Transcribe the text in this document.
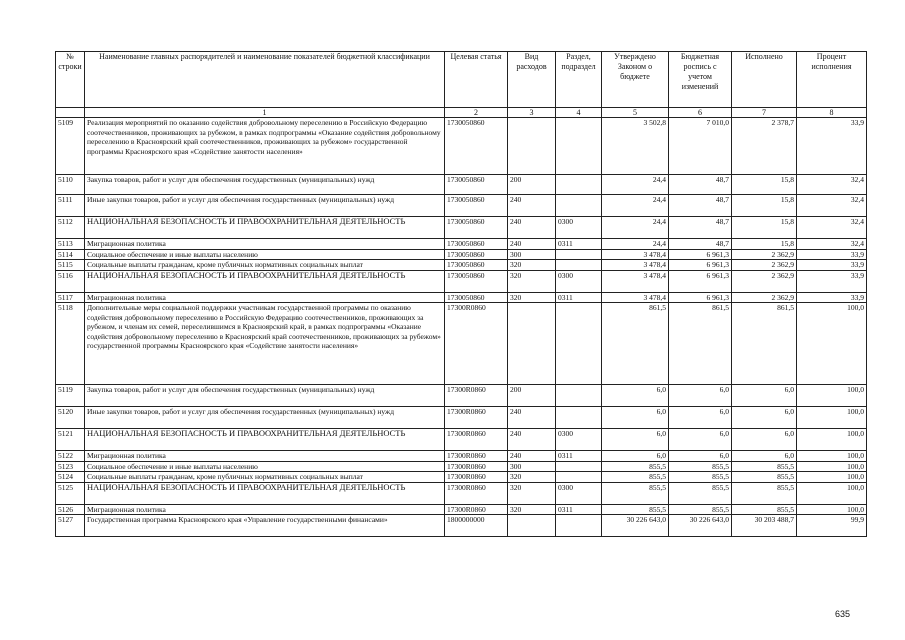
№ строки	Наименование главных распорядителей и наименование показателей бюджетной классификации	Целевая статья	Вид расходов	Раздел, подраздел	Утверждено Законом о бюджете	Бюджетная роспись с учетом изменений	Исполнено	Процент исполнения
	1	2	3	4	5	6	7	8
5109	Реализация мероприятий по оказанию содействия добровольному переселению в Российскую Федерацию соотечественников, проживающих за рубежом, в рамках подпрограммы «Оказание содействия добровольному переселению в Красноярский край соотечественников, проживающих за рубежом» государственной программы Красноярского края «Содействие занятости населения»	1730050860			3 502,8	7 010,0	2 378,7	33,9
5110	Закупка товаров, работ и услуг для обеспечения государственных (муниципальных) нужд	1730050860	200		24,4	48,7	15,8	32,4
5111	Иные закупки товаров, работ и услуг для обеспечения государственных (муниципальных) нужд	1730050860	240		24,4	48,7	15,8	32,4
5112	НАЦИОНАЛЬНАЯ БЕЗОПАСНОСТЬ И ПРАВООХРАНИТЕЛЬНАЯ ДЕЯТЕЛЬНОСТЬ	1730050860	240	0300	24,4	48,7	15,8	32,4
5113	Миграционная политика	1730050860	240	0311	24,4	48,7	15,8	32,4
5114	Социальное обеспечение и иные выплаты населению	1730050860	300		3 478,4	6 961,3	2 362,9	33,9
5115	Социальные выплаты гражданам, кроме публичных нормативных социальных выплат	1730050860	320		3 478,4	6 961,3	2 362,9	33,9
5116	НАЦИОНАЛЬНАЯ БЕЗОПАСНОСТЬ И ПРАВООХРАНИТЕЛЬНАЯ ДЕЯТЕЛЬНОСТЬ	1730050860	320	0300	3 478,4	6 961,3	2 362,9	33,9
5117	Миграционная политика	1730050860	320	0311	3 478,4	6 961,3	2 362,9	33,9
5118	Дополнительные меры социальной поддержки участникам государственной программы по оказанию содействия добровольному переселению в Российскую Федерацию соотечественников, проживающих за рубежом, и членам их семей, переселившимся в Красноярский край, в рамках подпрограммы «Оказание содействия добровольному переселению в Красноярский край соотечественников, проживающих за рубежом» государственной программы Красноярского края «Содействие занятости населения»	17300R0860			861,5	861,5	861,5	100,0
5119	Закупка товаров, работ и услуг для обеспечения государственных (муниципальных) нужд	17300R0860	200		6,0	6,0	6,0	100,0
5120	Иные закупки товаров, работ и услуг для обеспечения государственных (муниципальных) нужд	17300R0860	240		6,0	6,0	6,0	100,0
5121	НАЦИОНАЛЬНАЯ БЕЗОПАСНОСТЬ И ПРАВООХРАНИТЕЛЬНАЯ ДЕЯТЕЛЬНОСТЬ	17300R0860	240	0300	6,0	6,0	6,0	100,0
5122	Миграционная политика	17300R0860	240	0311	6,0	6,0	6,0	100,0
5123	Социальное обеспечение и иные выплаты населению	17300R0860	300		855,5	855,5	855,5	100,0
5124	Социальные выплаты гражданам, кроме публичных нормативных социальных выплат	17300R0860	320		855,5	855,5	855,5	100,0
5125	НАЦИОНАЛЬНАЯ БЕЗОПАСНОСТЬ И ПРАВООХРАНИТЕЛЬНАЯ ДЕЯТЕЛЬНОСТЬ	17300R0860	320	0300	855,5	855,5	855,5	100,0
5126	Миграционная политика	17300R0860	320	0311	855,5	855,5	855,5	100,0
5127	Государственная программа Красноярского края «Управление государственными финансами»	1800000000			30 226 643,0	30 226 643,0	30 203 488,7	99,9
635
